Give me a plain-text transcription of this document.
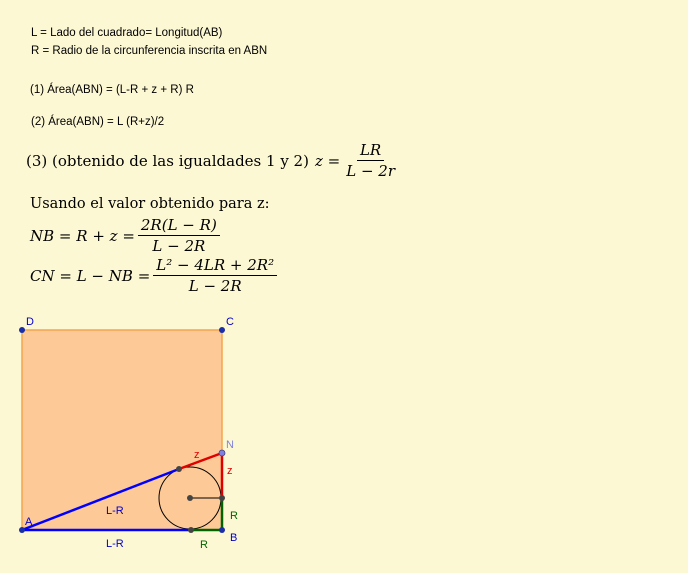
L = Lado del cuadrado= Longitud(AB)
R = Radio de la circunferencia inscrita en ABN
(1) Área(ABN) = (L-R + z + R) R
(2) Área(ABN) = L (R+z)/2
(3) (obtenido de las igualdades 1 y 2) $z = \frac{LR}{L - 2r}$
Usando el valor obtenido para z:
NB = $R + z = \frac{2R(L - R)}{L - 2R}$
CN = L − NB = $\frac{\text{L² − 4LR + 2R²}}{L - 2R}$
D	C
A
B
N
L-R
L-R
z
z
R
R
